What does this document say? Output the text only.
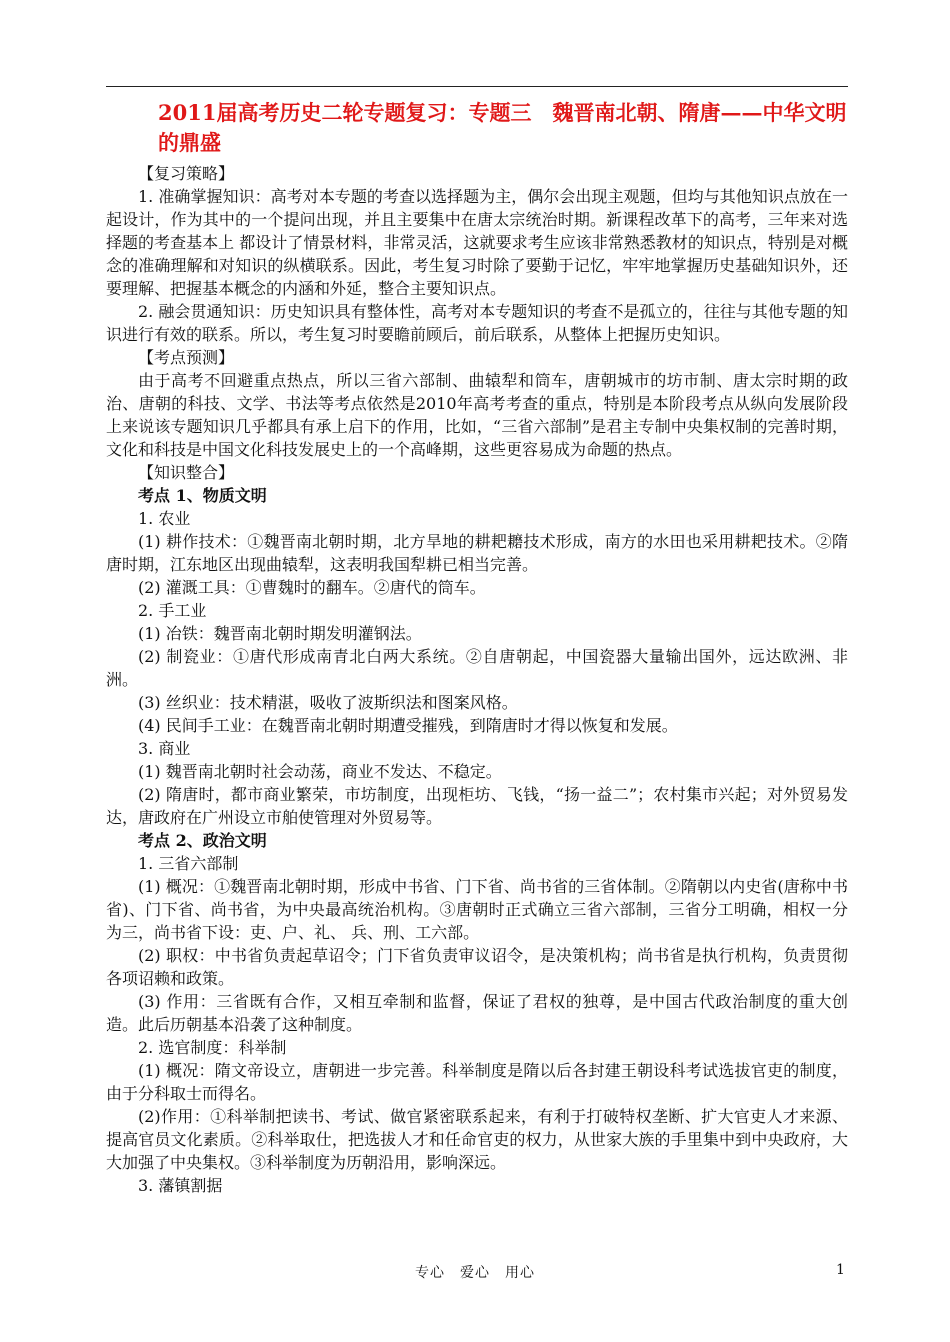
2011届高考历史二轮专题复习：专题三　魏晋南北朝、隋唐——中华文明的鼎盛

【复习策略】

1. 准确掌握知识：高考对本专题的考查以选择题为主，偶尔会出现主观题，但均与其他知识点放在一起设计，作为其中的一个提问出现，并且主要集中在唐太宗统治时期。新课程改革下的高考，三年来对选择题的考查基本上 都设计了情景材料，非常灵活，这就要求考生应该非常熟悉教材的知识点，特别是对概念的准确理解和对知识的纵横联系。因此，考生复习时除了要勤于记忆，牢牢地掌握历史基础知识外，还要理解、把握基本概念的内涵和外延，整合主要知识点。

2. 融会贯通知识：历史知识具有整体性，高考对本专题知识的考查不是孤立的，往往与其他专题的知识进行有效的联系。所以，考生复习时要瞻前顾后，前后联系，从整体上把握历史知识。

【考点预测】

由于高考不回避重点热点，所以三省六部制、曲辕犁和筒车，唐朝城市的坊市制、唐太宗时期的政治、唐朝的科技、文学、书法等考点依然是2010年高考考查的重点，特别是本阶段考点从纵向发展阶段上来说该专题知识几乎都具有承上启下的作用，比如，“三省六部制”是君主专制中央集权制的完善时期，文化和科技是中国文化科技发展史上的一个高峰期，这些更容易成为命题的热点。

【知识整合】

考点 1、物质文明

1. 农业

(1) 耕作技术：①魏晋南北朝时期，北方旱地的耕耙耱技术形成，南方的水田也采用耕耙技术。②隋唐时期，江东地区出现曲辕犁，这表明我国犁耕已相当完善。

(2) 灌溉工具：①曹魏时的翻车。②唐代的筒车。

2. 手工业

(1) 冶铁：魏晋南北朝时期发明灌钢法。

(2) 制瓷业：①唐代形成南青北白两大系统。②自唐朝起，中国瓷器大量输出国外，远达欧洲、非洲。

(3) 丝织业：技术精湛，吸收了波斯织法和图案风格。

(4) 民间手工业：在魏晋南北朝时期遭受摧残，到隋唐时才得以恢复和发展。

3. 商业

(1) 魏晋南北朝时社会动荡，商业不发达、不稳定。

(2) 隋唐时，都市商业繁荣，市坊制度，出现柜坊、飞钱，“扬一益二”；农村集市兴起；对外贸易发达，唐政府在广州设立市舶使管理对外贸易等。

考点 2、政治文明

1. 三省六部制

(1) 概况：①魏晋南北朝时期，形成中书省、门下省、尚书省的三省体制。②隋朝以内史省(唐称中书省)、门下省、尚书省，为中央最高统治机构。③唐朝时正式确立三省六部制，三省分工明确，相权一分为三，尚书省下设：吏、户、礼、 兵、刑、工六部。

(2) 职权：中书省负责起草诏令；门下省负责审议诏令，是决策机构；尚书省是执行机构，负责贯彻各项诏赖和政策。

(3) 作用：三省既有合作，又相互牵制和监督，保证了君权的独尊，是中国古代政治制度的重大创造。此后历朝基本沿袭了这种制度。

2. 选官制度：科举制

(1) 概况：隋文帝设立，唐朝进一步完善。科举制度是隋以后各封建王朝设科考试选拔官吏的制度，由于分科取士而得名。

(2)作用：①科举制把读书、考试、做官紧密联系起来，有利于打破特权垄断、扩大官吏人才来源、提高官员文化素质。②科举取仕，把选拔人才和任命官吏的权力，从世家大族的手里集中到中央政府，大大加强了中央集权。③科举制度为历朝沿用，影响深远。

3. 藩镇割据

专心　爱心　用心	1
